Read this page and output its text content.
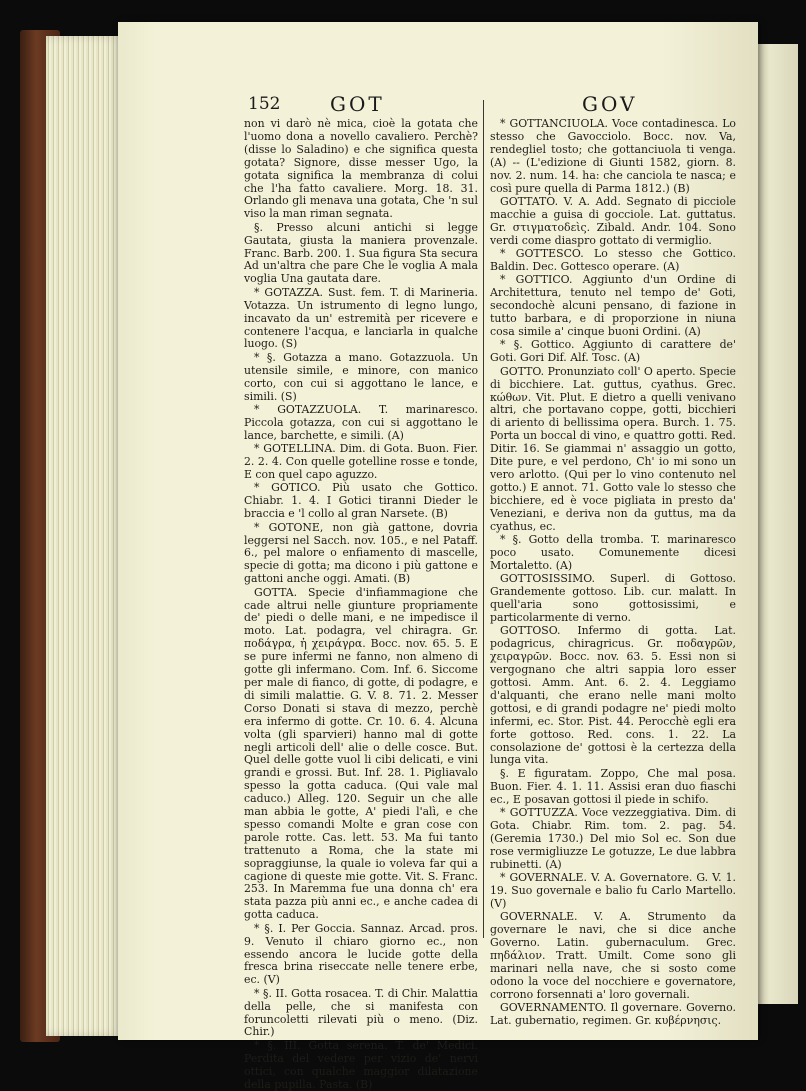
152 GOT	GOV

non vi darò nè mica, cioè la gotata che l'uomo dona a novello cavaliero. Perchè? (disse lo Saladino) e che significa questa gotata? Signore, disse messer Ugo, la gotata significa la membranza di colui che l'ha fatto cavaliere. Morg. 18. 31. Orlando gli menava una gotata, Che 'n sul viso la man riman segnata.

§. Presso alcuni antichi si legge Gautata, giusta la maniera provenzale. Franc. Barb. 200. 1. Sua figura Sta secura Ad un'altra che pare Che le voglia A mala voglia Una gautata dare.

* GOTAZZA. Sust. fem. T. di Marineria. Votazza. Un istrumento di legno lungo, incavato da un' estremità per ricevere e contenere l'acqua, e lanciarla in qualche luogo. (S)

* §. Gotazza a mano. Gotazzuola. Un utensile simile, e minore, con manico corto, con cui si aggottano le lance, e simili. (S)

* GOTAZZUOLA. T. marinaresco. Piccola gotazza, con cui si aggottano le lance, barchette, e simili. (A)

* GOTELLINA. Dim. di Gota. Buon. Fier. 2. 2. 4. Con quelle gotelline rosse e tonde, E con quel capo aguzzo.

* GOTICO. Più usato che Gottico. Chiabr. 1. 4. I Gotici tiranni Dieder le braccia e 'l collo al gran Narsete. (B)

* GOTONE, non già gattone, dovria leggersi nel Sacch. nov. 105., e nel Pataff. 6., pel malore o enfiamento di mascelle, specie di gotta; ma dicono i più gattone e gattoni anche oggi. Amati. (B)

GOTTA. Specie d'infiammagione che cade altrui nelle giunture propriamente de' piedi o delle mani, e ne impedisce il moto. Lat. podagra, vel chiragra. Gr. ποδάγρα, ἡ χειράγρα. Bocc. nov. 65. 5. E se pure infermi ne fanno, non almeno di gotte gli infermano. Com. Inf. 6. Siccome per male di fianco, di gotte, di podagre, e di simili malattie. G. V. 8. 71. 2. Messer Corso Donati si stava di mezzo, perchè era infermo di gotte. Cr. 10. 6. 4. Alcuna volta (gli sparvieri) hanno mal di gotte negli articoli dell' alie o delle cosce. But. Quel delle gotte vuol li cibi delicati, e vini grandi e grossi. But. Inf. 28. 1. Pigliavalo spesso la gotta caduca. (Qui vale mal caduco.) Alleg. 120. Seguir un che alle man abbia le gotte, A' piedi l'alì, e che spesso comandi Molte e gran cose con parole rotte. Cas. lett. 53. Ma fui tanto trattenuto a Roma, che la state mi sopraggiunse, la quale io voleva far qui a cagione di queste mie gotte. Vit. S. Franc. 253. In Maremma fue una donna ch' era stata pazza più anni ec., e anche cadea di gotta caduca.

* §. I. Per Goccia. Sannaz. Arcad. pros. 9. Venuto il chiaro giorno ec., non essendo ancora le lucide gotte della fresca brina riseccate nelle tenere erbe, ec. (V)

* §. II. Gotta rosacea. T. di Chir. Malattia della pelle, che si manifesta con foruncoletti rilevati più o meno. (Diz. Chir.)

* §. III. Gotta serena. T. de' Medici. Perdita del vedere per vizio de' nervi ottici, con qualche maggior dilatazione della pupilla. Pasta. (B)

* GOTTANCIUOLA. Voce contadinesca. Lo stesso che Gavocciolo. Bocc. nov. Va, rendegliel tosto; che gottanciuola ti venga. (A) -- (L'edizione di Giunti 1582, giorn. 8. nov. 2. num. 14. ha: che canciola te nasca; e così pure quella di Parma 1812.) (B)

GOTTATO. V. A. Add. Segnato di picciole macchie a guisa di gocciole. Lat. guttatus. Gr. στιγματοδεὶς. Zibald. Andr. 104. Sono verdi come diaspro gottato di vermiglio.

* GOTTESCO. Lo stesso che Gottico. Baldin. Dec. Gottesco operare. (A)

* GOTTICO. Aggiunto d'un Ordine di Architettura, tenuto nel tempo de' Goti, secondochè alcuni pensano, di fazione in tutto barbara, e di proporzione in niuna cosa simile a' cinque buoni Ordini. (A)

* §. Gottico. Aggiunto di carattere de' Goti. Gori Dif. Alf. Tosc. (A)

GOTTO. Pronunziato coll' O aperto. Specie di bicchiere. Lat. guttus, cyathus. Grec. κώθων. Vit. Plut. E dietro a quelli venivano altri, che portavano coppe, gotti, bicchieri di ariento di bellissima opera. Burch. 1. 75. Porta un boccal di vino, e quattro gotti. Red. Ditir. 16. Se giammai n' assaggio un gotto, Dite pure, e vel perdono, Ch' io mi sono un vero arlotto. (Qui per lo vino contenuto nel gotto.) E annot. 71. Gotto vale lo stesso che bicchiere, ed è voce pigliata in presto da' Veneziani, e deriva non da guttus, ma da cyathus, ec.

* §. Gotto della tromba. T. marinaresco poco usato. Comunemente dicesi Mortaletto. (A)

GOTTOSISSIMO. Superl. di Gottoso. Grandemente gottoso. Lib. cur. malatt. In quell'aria sono gottosissimi, e particolarmente di verno.

GOTTOSO. Infermo di gotta. Lat. podagricus, chiragricus. Gr. ποδαγρῶν, χειραγρῶν. Bocc. nov. 63. 5. Essi non si vergognano che altri sappia loro esser gottosi. Amm. Ant. 6. 2. 4. Leggiamo d'alquanti, che erano nelle mani molto gottosi, e di grandi podagre ne' piedi molto infermi, ec. Stor. Pist. 44. Perocchè egli era forte gottoso. Red. cons. 1. 22. La consolazione de' gottosi è la certezza della lunga vita.

§. E figuratam. Zoppo, Che mal posa. Buon. Fier. 4. 1. 11. Assisi eran duo fiaschi ec., E posavan gottosi il piede in schifo.

* GOTTUZZA. Voce vezzeggiativa. Dim. di Gota. Chiabr. Rim. tom. 2. pag. 54. (Geremia 1730.) Del mio Sol ec. Son due rose vermigliuzze Le gotuzze, Le due labbra rubinetti. (A)

* GOVERNALE. V. A. Governatore. G. V. 1. 19. Suo governale e balio fu Carlo Martello. (V)

GOVERNALE. V. A. Strumento da governare le navi, che si dice anche Governo. Latin. gubernaculum. Grec. πηδάλιον. Tratt. Umilt. Come sono gli marinari nella nave, che si sosto come odono la voce del nocchiere e governatore, corrono forsennati a' loro governali.

GOVERNAMENTO. Il governare. Governo. Lat. gubernatio, regimen. Gr. κυβέρνησις.
